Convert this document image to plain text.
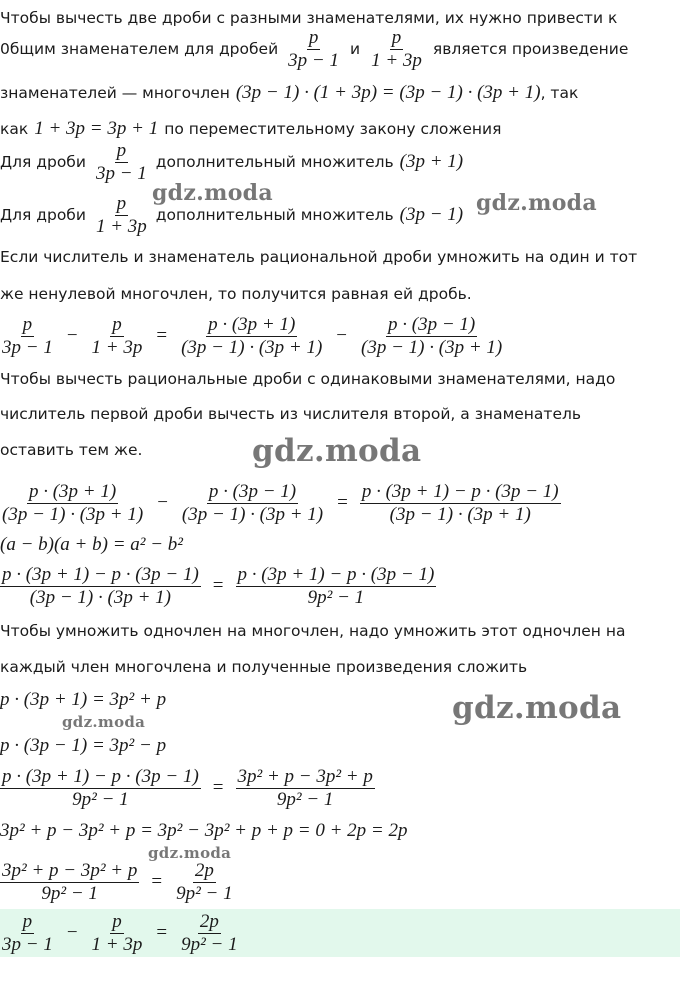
Чтобы вычесть две дроби с разными знаменателями, их нужно привести к
0бщим знаменателем для дробей $\frac{p}{3p - 1}$ и $\frac{p}{1 + 3p}$ является произведение
знаменателей — многочлен (3p − 1) · (1 + 3p) = (3p − 1) · (3p + 1) , так
как 1 + 3p = 3p + 1 по переместительному закону сложения
Для дроби $\frac{p}{3p - 1}$ дополнительный множитель (3p + 1)
Для дроби $\frac{p}{1 + 3p}$ дополнительный множитель (3p − 1)
Если числитель и знаменатель рациональной дроби умножить на один и тот
же ненулевой многочлен, то получится равная ей дробь.
$\frac{p}{3p - 1} - \frac{p}{1 + 3p} = \frac{p \cdot (3p + 1)}{(3p - 1) \cdot (3p + 1)} - \frac{p \cdot (3p - 1)}{(3p - 1) \cdot (3p + 1)}$
Чтобы вычесть рациональные дроби с одинаковыми знаменателями, надо
числитель первой дроби вычесть из числителя второй, а знаменатель
оставить тем же.
$\frac{p \cdot (3p + 1)}{(3p - 1) \cdot (3p + 1)} - \frac{p \cdot (3p - 1)}{(3p - 1) \cdot (3p + 1)} = \frac{p \cdot (3p + 1) - p \cdot (3p - 1)}{(3p - 1) \cdot (3p + 1)}$
(a − b)(a + b) = a² − b²
$\frac{p \cdot (3p + 1) - p \cdot (3p - 1)}{(3p - 1) \cdot (3p + 1)} = \frac{p \cdot (3p + 1) - p \cdot (3p - 1)}{\text{9p² − 1}}$
Чтобы умножить одночлен на многочлен, надо умножить этот одночлен на
каждый член многочлена и полученные произведения сложить
p · (3p + 1) = 3p² + p
p · (3p − 1) = 3p² − p
$\frac{p \cdot (3p + 1) - p \cdot (3p - 1)}{\text{9p² − 1}} = \frac{\text{3p² + p − 3p² + p}}{\text{9p² − 1}}$
3p² + p − 3p² + p = 3p² − 3p² + p + p = 0 + 2p = 2p
$\frac{\text{3p² + p − 3p² + p}}{\text{9p² − 1}} = \frac{2p}{\text{9p² − 1}}$
$\frac{p}{3p - 1} - \frac{p}{1 + 3p} = \frac{2p}{\text{9p² − 1}}$
gdz.moda	gdz.moda
gdz.moda
gdz.moda
gdz.moda
gdz.moda
